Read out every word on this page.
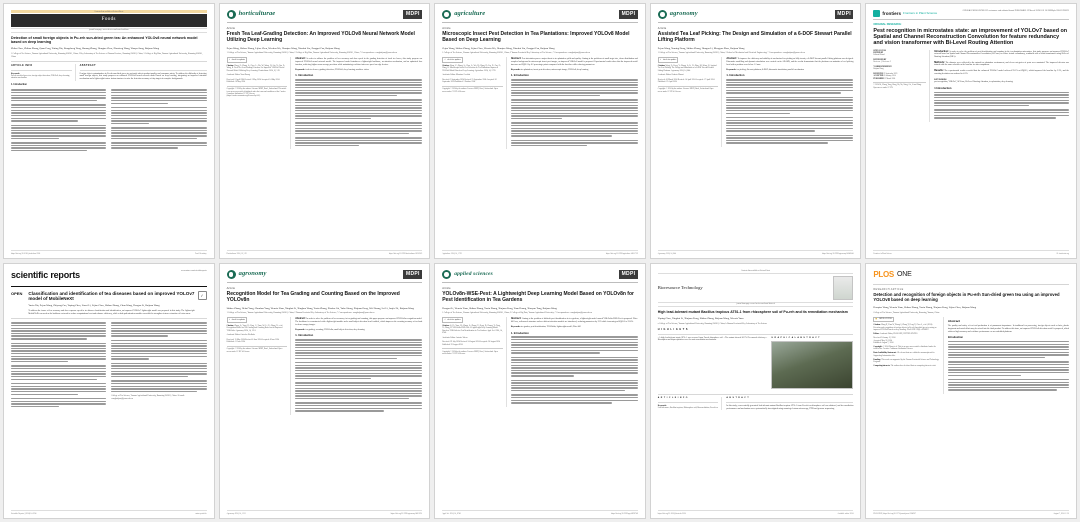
Contents lists available at ScienceDirect
Foods
journal homepage: www.elsevier.com/locate/foodchem
Detection of small foreign objects in Pu-erh sun-dried green tea: An enhanced YOLOv8 neural network model based on deep learning
Zhibo Chen, Zhihan Zhang, Quan Peng, Yuting Xia, Rongsheng Yang, Shuang Zhang, Hongtao Chen, Zhenfeng Wang, Wanyu Jiang, Baijuan Wang
1 College of Tea Science, Yunnan Agricultural University, Kunming 650201, China; 2 Key Laboratory of Tea Science of Yunnan Province, Kunming 650201, China; 3 College of Big Data, Yunnan Agricultural University, Kunming 650201, China
ARTICLE INFO
Keywords:
Pu-erh sun-dried green tea; foreign object detection; YOLOv8; deep learning; attention mechanism
ABSTRACT
Foreign object contamination in Pu-erh sun-dried green tea seriously affects product quality and consumer safety. To address the difficulty of detecting small foreign objects, this study proposes an enhanced YOLOv8 neural network model based on deep learning, integrating an improved attention mechanism and a lightweight feature fusion structure to raise the detection accuracy of tiny targets in complex backgrounds.
1. Introduction
https://doi.org/10.1016/j.foodchem.2024	Food Chemistry
horticulturae	MDPI
Article
Fresh Tea Leaf-Grading Detection: An Improved YOLOv8 Neural Network Model Utilizing Deep Learning
Zejun Wang, Shihao Zhang, Lijiao Chen, Wendou Wu, Houqiao Wang, Xiaohui Liu, Zongpei Fan, Baijuan Wang
1 College of Tea Science, Yunnan Agricultural University, Kunming 650201, China; 2 College of Big Data, Yunnan Agricultural University, Kunming 650201, China; * Correspondence: wangbaijuan@ynau.edu.cn
✓ check for updates
Citation: Wang, Z.; Zhang, S.; Chen, L.; Wu, W.; Wang, H.; Liu, X.; Fan, Z.; Wang, B. Fresh Tea Leaf-Grading Detection: An Improved YOLOv8 Neural Network Model Utilizing Deep Learning. Horticulturae 2024, 10, 519.
Academic Editor: Yuan Huang
Received: 8 April 2024 Revised: 2 May 2024 Accepted: 14 May 2024 Published: 16 May 2024
Copyright: © 2024 by the authors. Licensee MDPI, Basel, Switzerland. This article is an open access article distributed under the terms and conditions of the Creative Commons Attribution (CC BY) license (https://creativecommons.org/licenses/by/4.0/).
Abstract: In order to address the problem of low accuracy and slow speed in the grading detection of fresh tea leaves, this study proposes an improved YOLOv8 neural network model. The improved model introduces a lightweight backbone, an attention mechanism, and an optimized loss function, achieving higher mean average precision while maintaining real-time inference speed on edge devices.
Keywords: fresh tea leaves; grading detection; YOLOv8; deep learning; machine vision
1. Introduction
Horticulturae 2024, 10, 519	https://doi.org/10.3390/horticulturae10050519
agriculture	MDPI
Article
Microscopic Insect Pest Detection in Tea Plantations: Improved YOLOv8 Model Based on Deep Learning
Zejun Wang, Shihao Zhang, Lijiao Chen, Wenxia Wu, Houqiao Wang, Xiaohui Liu, Zongpei Fan, Baijuan Wang
1 College of Tea Science, Yunnan Agricultural University, Kunming 650201, China; 2 Yunnan Provincial Key Laboratory of Tea Science; * Correspondence: wangbaijuan@ynau.edu.cn
✓ check for updates
Citation: Wang, Z.; Zhang, S.; Chen, L.; Wu, W.; Wang, H.; Liu, X.; Fan, Z.; Wang, B. Microscopic Insect Pest Detection in Tea Plantations: Improved YOLOv8 Model Based on Deep Learning. Agriculture 2024, 14, 1739.
Academic Editor: Massimo Cecchini
Received: 3 September 2024 Revised: 25 September 2024 Accepted: 30 September 2024 Published: 2 October 2024
Copyright: © 2024 by the authors. Licensee MDPI, Basel, Switzerland. Open access under CC BY 4.0 license.
Abstract: Pest infestation poses a major threat to tea plantation yield and quality. Aiming at the problems of small target size, dense distribution and complex background in microscopic insect pest images, an improved YOLOv8 model is proposed. Experimental results show that the improved model increases mAP@0.5 by 6.2 percentage points compared with the baseline while reducing parameters.
Keywords: tea plantation; insect pest detection; microscopic image; YOLOv8; deep learning
1. Introduction
Agriculture 2024, 14, 1739	https://doi.org/10.3390/agriculture14101739
agronomy	MDPI
Article
Assisted Tea Leaf Picking: The Design and Simulation of a 6-DOF Stewart Parallel Lifting Platform
Zejun Wang, Yuming Dong, Shihao Zhang, Hongxu Li, Mengyao Zhao, Baijuan Wang
1 College of Tea Science, Yunnan Agricultural University, Kunming 650201, China; 2 School of Mechanical and Electrical Engineering; * Correspondence: wangbaijuan@ynau.edu.cn
✓ check for updates
Citation: Wang, Z.; Dong, Y.; Zhang, S.; Li, H.; Zhao, M.; Wang, B. Assisted Tea Leaf Picking: The Design and Simulation of a 6-DOF Stewart Parallel Lifting Platform. Agronomy 2024, 14, 844.
Academic Editor: Roberto Marani
Received: 16 March 2024 Revised: 14 April 2024 Accepted: 17 April 2024 Published: 19 April 2024
Copyright: © 2024 by the authors. Licensee MDPI, Basel, Switzerland. Open access under CC BY 4.0 license.
Abstract: To improve the efficiency and stability of mechanized tea picking on hilly terrain, a 6-DOF Stewart parallel lifting platform was designed. Kinematic modelling and dynamic simulation were carried out in ADAMS, and the results demonstrate that the platform can maintain a level picking head with a position error below 1.2 mm.
Keywords: tea picking; Stewart platform; 6-DOF; kinematic simulation; parallel mechanism
1. Introduction
Agronomy 2024, 14, 844	https://doi.org/10.3390/agronomy14040844
frontiers Frontiers in Plant Science	OPEN ACCESS EDITED BY reviewers and editorial board PUBLISHED 12 March 2024 DOI 10.3389/fpls.2024.1299821
ORIGINAL RESEARCH
Pest recognition in microstates state: an improvement of YOLOv7 based on Spatial and Channel Reconstruction Convolution for feature redundancy and vision transformer with Bi-Level Routing Attention
OPEN ACCESS
EDITED BY
Editorial Board

REVIEWED BY
Reviewer 1, Reviewer 2

*CORRESPONDENCE
Baijuan Wang

RECEIVED 23 September 2023
ACCEPTED 15 January 2024
PUBLISHED 12 March 2024
© 2024 He, Zhang, Yang, Wang, Hu, Xu, Wang, Cai, Li and Wang. Open-access under CC BY.
Introduction: In order to solve the problem of pest identification and counting in the tea plantation microstates, this study proposes an improved YOLOv7 network based on Spatial and Channel Reconstruction Convolution (SCConv) to reduce feature redundancy, combined with a vision transformer using Bi-Level Routing Attention (BRA).
Methods: The datasets were collected in the natural tea plantation environment, and eleven categories of pests were annotated. The improved detector was trained with the same schedule as the baseline for fair comparison.
Results: The experimental results revealed that the enhanced YOLOv7 model achieved 93.1% mAP@0.5, which improved the baseline by 3.3%, and the counting deviation was reduced to 4.2%.
KEYWORDS
pest recognition, YOLOv7, SCConv, Bi-Level Routing Attention, tea plantation, deep learning
1 Introduction
Frontiers in Plant Science	01 frontiersin.org
scientific reports	www.nature.com/scientificreports
OPEN Classification and identification of tea diseases based on improved YOLOv7 model of MobileNeXt
Yuxin Xia, Zejun Wang, Zhiyong Cao, Yaping Chen, Limei Li, Lijiao Chen, Shihao Zhang, Chun Wang, Hongxu Li, Baijuan Wang
To address the issues of low accuracy and slow response speed in tea disease classification and identification, an improved YOLOv7 lightweight model was proposed in this study. The lightweight MobileNeXt was used as the backbone network to reduce computational cost and enhance efficiency, while a dual-path attention module was added to strengthen feature extraction of lesion areas.
✓
College of Tea Science, Yunnan Agricultural University, Kunming 650201, China. ✉ email: wangbaijuan@ynau.edu.cn
Scientific Reports | (2024) 14:1234	nature portfolio
agronomy	MDPI
Article
Recognition Model for Tea Grading and Counting Based on the Improved YOLOv8n
Shihao Zhang, Hekai Yang, Chunhua Yang, Wenxia Yuan, Xinghui Li, Xinghua Wang, Yuxin Zhang, Xiaobo Cai, Yubo Sheng, Xiujuan Deng, Wei Huang, Lei Li, Junjie He, Baijuan Wang
1 College of Tea Science, Yunnan Agricultural University, Kunming 650201, China; 2 Yunnan Provincial Key Laboratory of Tea Science; * Correspondence: wangbaijuan@ynau.edu.cn
✓ check for updates
Citation: Zhang, S.; Yang, H.; Yang, C.; Yuan, W.; Li, X.; Wang, X.; et al. Recognition Model for Tea Grading and Counting Based on the Improved YOLOv8n. Agronomy 2024, 14, 1251.
Academic Editor: Gniewko Niedbała
Received: 15 May 2024 Revised: 6 June 2024 Accepted: 8 June 2024 Published: 11 June 2024
Copyright: © 2024 by the authors. Licensee MDPI, Basel, Switzerland. Open access under CC BY 4.0 license.
Abstract: In order to solve the problem of low accuracy in tea grading and counting, this paper proposes an improved YOLOv8n recognition model. The backbone is reconstructed with a lightweight module and a small-object detection head is added, which improves the counting accuracy of tea buds in dense canopy images.
Keywords: tea grading; counting; YOLOv8n; small object detection; deep learning
1. Introduction
Agronomy 2024, 14, 1251	https://doi.org/10.3390/agronomy14061251
applied sciences	MDPI
Article
YOLOv8n-WSE-Pest: A Lightweight Deep Learning Model Based on YOLOv8n for Pest Identification in Tea Gardens
Hongrui Li, Wenxia Yuan, Shihao Zhang, Yuxin Zhang, Xiujuan Deng, Yuan Huang, Xiaoyan Tang, Baijuan Wang
1 College of Tea Science, Yunnan Agricultural University, Kunming 650201, China; 2 College of Big Data, Yunnan Agricultural University; * Correspondence: wangbaijuan@ynau.edu.cn
✓ check for updates
Citation: Li, H.; Yuan, W.; Zhang, S.; Zhang, Y.; Deng, X.; Huang, Y.; Tang, X.; Wang, B. YOLOv8n-WSE-Pest: A Lightweight Deep Learning Model Based on YOLOv8n for Pest Identification in Tea Gardens. Appl. Sci. 2024, 14, 8748.
Academic Editor: Antonio Valero
Received: 29 July 2024 Revised: 24 August 2024 Accepted: 26 August 2024 Published: 29 August 2024
Copyright: © 2024 by the authors. Licensee MDPI, Basel, Switzerland. Open access under CC BY 4.0 license.
Abstract: Aiming at the problem of difficult pest identification in tea gardens, a lightweight model named YOLOv8n-WSE-Pest is proposed. Wise-IoU loss, a slim-neck structure and an efficient attention module are introduced, reducing parameters by 23% while increasing mAP@0.5 to 91.6%.
Keywords: tea garden; pest identification; YOLOv8n; lightweight model; Wise-IoU
1. Introduction
Appl. Sci. 2024, 14, 8748	https://doi.org/10.3390/app14198748
Contents lists available at ScienceDirect
Bioresource Technology
journal homepage: www.elsevier.com/locate/biortech
High lead-tolerant mutant Bacillus tropicus AT51-1 from rhizosphere soil of Pu-erh and its remediation mechanism
Yaping Chen, Xinghui Li, Xiujuan Deng, Shihao Zhang, Baijuan Wang, Wenxia Yuan
a College of Tea Science, Yunnan Agricultural University, Kunming 650201, China; b Yunnan Provincial Key Laboratory of Tea Science
H I G H L I G H T S
• A high lead-tolerant strain AT51-1 was screened from Pu-erh rhizosphere soil. • The mutant showed 86.7% Pb removal efficiency. • Biosorption and bioprecipitation were the main remediation mechanisms.
G R A P H I C A L A B S T R A C T
A R T I C L E I N F O
Keywords:
Lead tolerance; Bacillus tropicus; Rhizosphere soil; Bioremediation; Pu-erh tea
A B S T R A C T
In this study, a successfully generated lead-tolerant mutant Bacillus tropicus AT51-1 from Pu-erh tea rhizosphere soil was obtained, and its remediation performance and mechanism were systematically investigated using scanning electron microscopy, FTIR and genome sequencing.
https://doi.org/10.1016/j.biortech.2024	Available online 2024
PLOS ONE
RESEARCH ARTICLE
Detection and recognition of foreign objects in Pu-erh Sun-dried green tea using an improved YOLOv8 based on deep learning
Houqiao Wang, Wenxia Yuan, Shihao Zhang, Yuxin Zhang, Xiujuan Deng, Lijiao Chen, Baijuan Wang
College of Tea Science, Yunnan Agricultural University, Kunming, Yunnan, China
🔓 OPEN ACCESS
Citation: Wang H, Yuan W, Zhang S, Zhang Y, Deng X, Chen L, et al. (2024) Detection and recognition of foreign objects in Pu-erh Sun-dried green tea using an improved YOLOv8 based on deep learning. PLoS ONE 19(8): e0304907.
Editor: Academic Editor, PLOS ONE, UNITED STATES
Received: February 12, 2024
Accepted: May 20, 2024
Published: August 7, 2024
Copyright: © 2024 Wang et al. This is an open access article distributed under the terms of the Creative Commons Attribution License.
Data Availability Statement: All relevant data are within the manuscript and its Supporting Information files.
Funding: This work was supported by the Yunnan Provincial Science and Technology Program.
Competing interests: The authors have declared that no competing interests exist.
Abstract
The quality and safety of tea food production is of paramount importance. In traditional tea processing, foreign objects such as hairs, plastic fragments and metal debris may be mixed into the final product. To address this issue, an improved YOLOv8 detection model is proposed, which achieves high accuracy and real-time performance on an embedded platform.
Introduction
PLOS ONE | https://doi.org/10.1371/journal.pone.0304907	August 7, 2024 1 / 20
